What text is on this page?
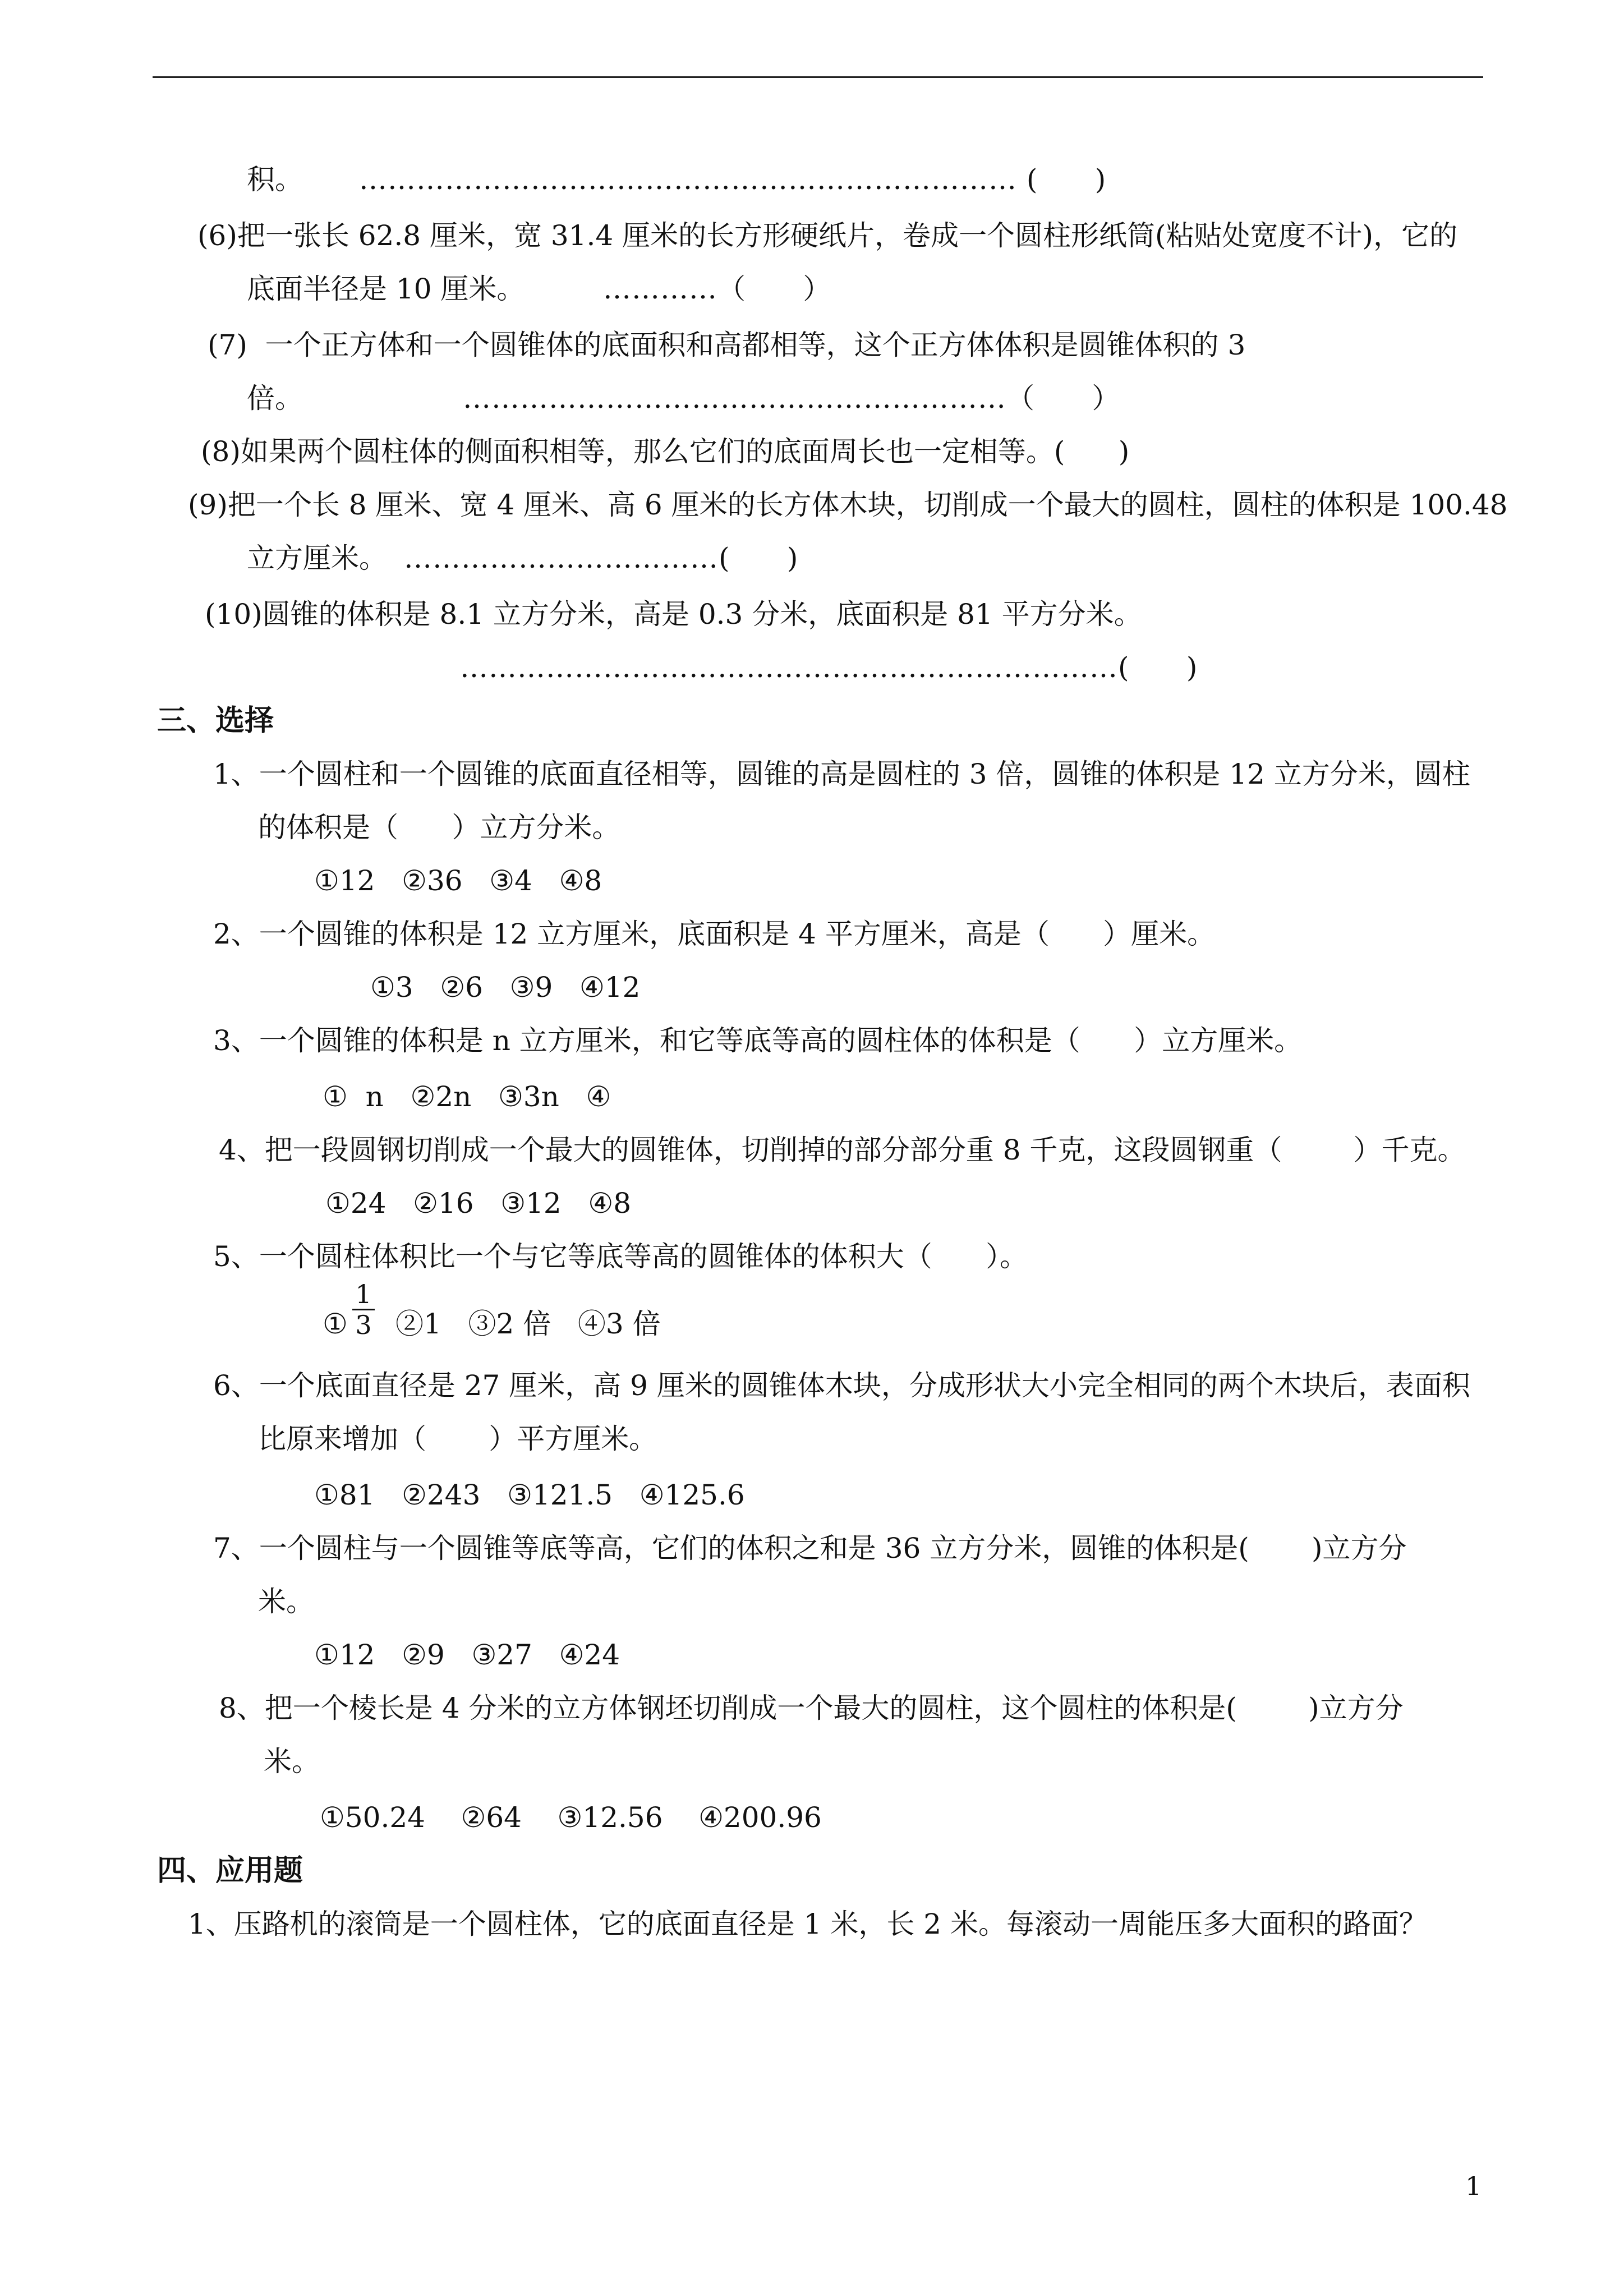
积。 …………………………………………………………… (      )
(6)把一张长 62.8 厘米，宽 31.4 厘米的长方形硬纸片，卷成一个圆柱形纸筒(粘贴处宽度不计)，它的
底面半径是 10 厘米。	…………（      ）
(7)  一个正方体和一个圆锥体的底面积和高都相等，这个正方体体积是圆锥体积的 3
倍。	…………………………………………………（      ）
(8)如果两个圆柱体的侧面积相等，那么它们的底面周长也一定相等。(      )
(9)把一个长 8 厘米、宽 4 厘米、高 6 厘米的长方体木块，切削成一个最大的圆柱，圆柱的体积是 100.48
立方厘米。 ……………………………(      )
(10)圆锥的体积是 8.1 立方分米，高是 0.3 分米，底面积是 81 平方分米。
……………………………………………………………(      )
三、选择
1、一个圆柱和一个圆锥的底面直径相等，圆锥的高是圆柱的 3 倍，圆锥的体积是 12 立方分米，圆柱
的体积是（      ）立方分米。
①12   ②36   ③4   ④8
2、一个圆锥的体积是 12 立方厘米，底面积是 4 平方厘米，高是（      ）厘米。
①3   ②6   ③9   ④12
3、一个圆锥的体积是 n 立方厘米，和它等底等高的圆柱体的体积是（      ）立方厘米。
①  n   ②2n   ③3n   ④
4、把一段圆钢切削成一个最大的圆锥体，切削掉的部分部分重 8 千克，这段圆钢重（        ）千克。
①24   ②16   ③12   ④8
5、一个圆柱体积比一个与它等底等高的圆锥体的体积大（      ）。
①
1
3 ②1   ③2 倍   ④3 倍
6、一个底面直径是 27 厘米，高 9 厘米的圆锥体木块，分成形状大小完全相同的两个木块后，表面积
比原来增加（       ）平方厘米。
①81   ②243   ③121.5   ④125.6
7、一个圆柱与一个圆锥等底等高，它们的体积之和是 36 立方分米，圆锥的体积是(       )立方分
米。
①12   ②9   ③27   ④24
8、把一个棱长是 4 分米的立方体钢坯切削成一个最大的圆柱，这个圆柱的体积是(        )立方分
米。
①50.24    ②64    ③12.56    ④200.96
四、应用题
1、压路机的滚筒是一个圆柱体，它的底面直径是 1 米，长 2 米。每滚动一周能压多大面积的路面？
1
